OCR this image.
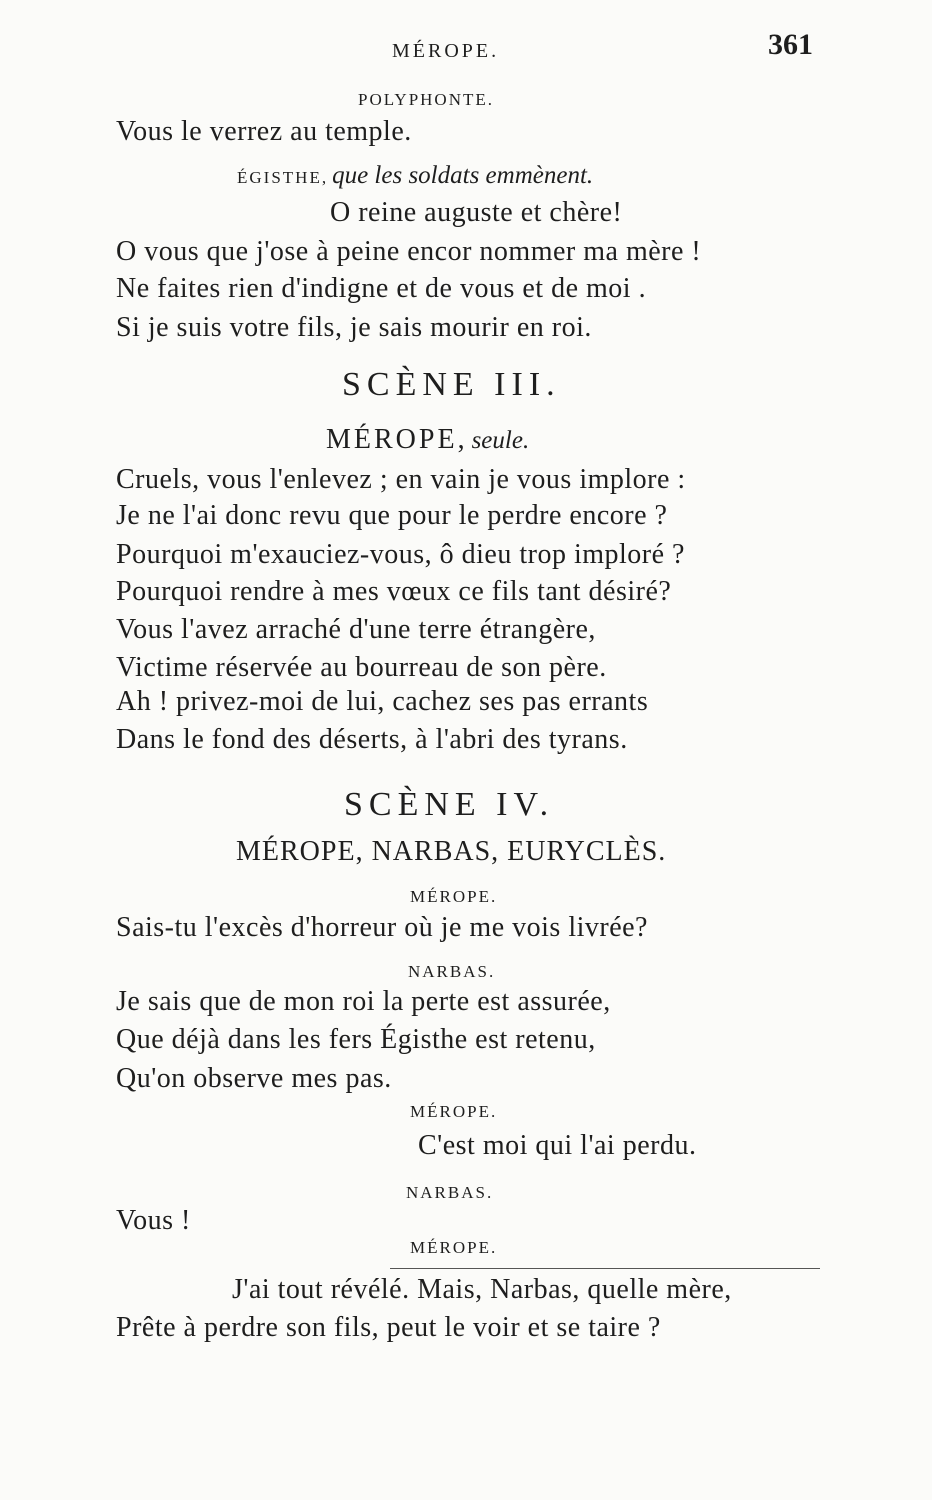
MÉROPE.	361
POLYPHONTE.
Vous le verrez au temple.
ÉGISTHE, que les soldats emmènent.
O reine auguste et chère!
O vous que j'ose à peine encor nommer ma mère !
Ne faites rien d'indigne et de vous et de moi .
Si je suis votre fils, je sais mourir en roi.
SCÈNE III.
MÉROPE, seule.
Cruels, vous l'enlevez ; en vain je vous implore :
Je ne l'ai donc revu que pour le perdre encore ?
Pourquoi m'exauciez-vous, ô dieu trop imploré ?
Pourquoi rendre à mes vœux ce fils tant désiré?
Vous l'avez arraché d'une terre étrangère,
Victime réservée au bourreau de son père.
Ah ! privez-moi de lui, cachez ses pas errants
Dans le fond des déserts, à l'abri des tyrans.
SCÈNE IV.
MÉROPE, NARBAS, EURYCLÈS.
MÉROPE.
Sais-tu l'excès d'horreur où je me vois livrée?
NARBAS.
Je sais que de mon roi la perte est assurée,
Que déjà dans les fers Égisthe est retenu,
Qu'on observe mes pas.
MÉROPE.
C'est moi qui l'ai perdu.
NARBAS.
Vous !
MÉROPE.
J'ai tout révélé. Mais, Narbas, quelle mère,
Prête à perdre son fils, peut le voir et se taire ?
